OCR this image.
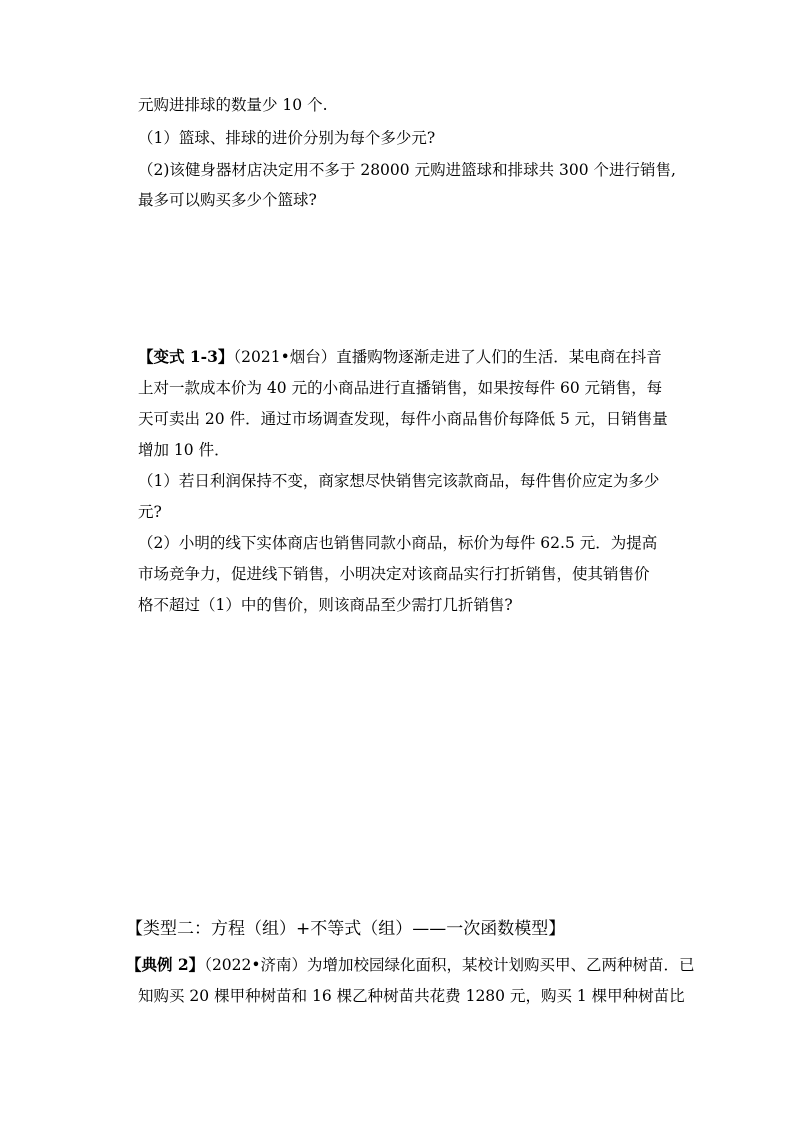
元购进排球的数量少 10 个.
（1）篮球、排球的进价分别为每个多少元?
（2)该健身器材店决定用不多于 28000 元购进篮球和排球共 300 个进行销售,
最多可以购买多少个篮球?
【变式 1-3】（2021•烟台）直播购物逐渐走进了人们的生活．某电商在抖音
上对一款成本价为 40 元的小商品进行直播销售，如果按每件 60 元销售，每
天可卖出 20 件．通过市场调查发现，每件小商品售价每降低 5 元，日销售量
增加 10 件．
（1）若日利润保持不变，商家想尽快销售完该款商品，每件售价应定为多少
元?
（2）小明的线下实体商店也销售同款小商品，标价为每件 62.5 元．为提高
市场竞争力，促进线下销售，小明决定对该商品实行打折销售，使其销售价
格不超过（1）中的售价，则该商品至少需打几折销售?
【类型二：方程（组）+不等式（组）——一次函数模型】
【典例 2】（2022•济南）为增加校园绿化面积，某校计划购买甲、乙两种树苗．已
知购买 20 棵甲种树苗和 16 棵乙种树苗共花费 1280 元，购买 1 棵甲种树苗比
